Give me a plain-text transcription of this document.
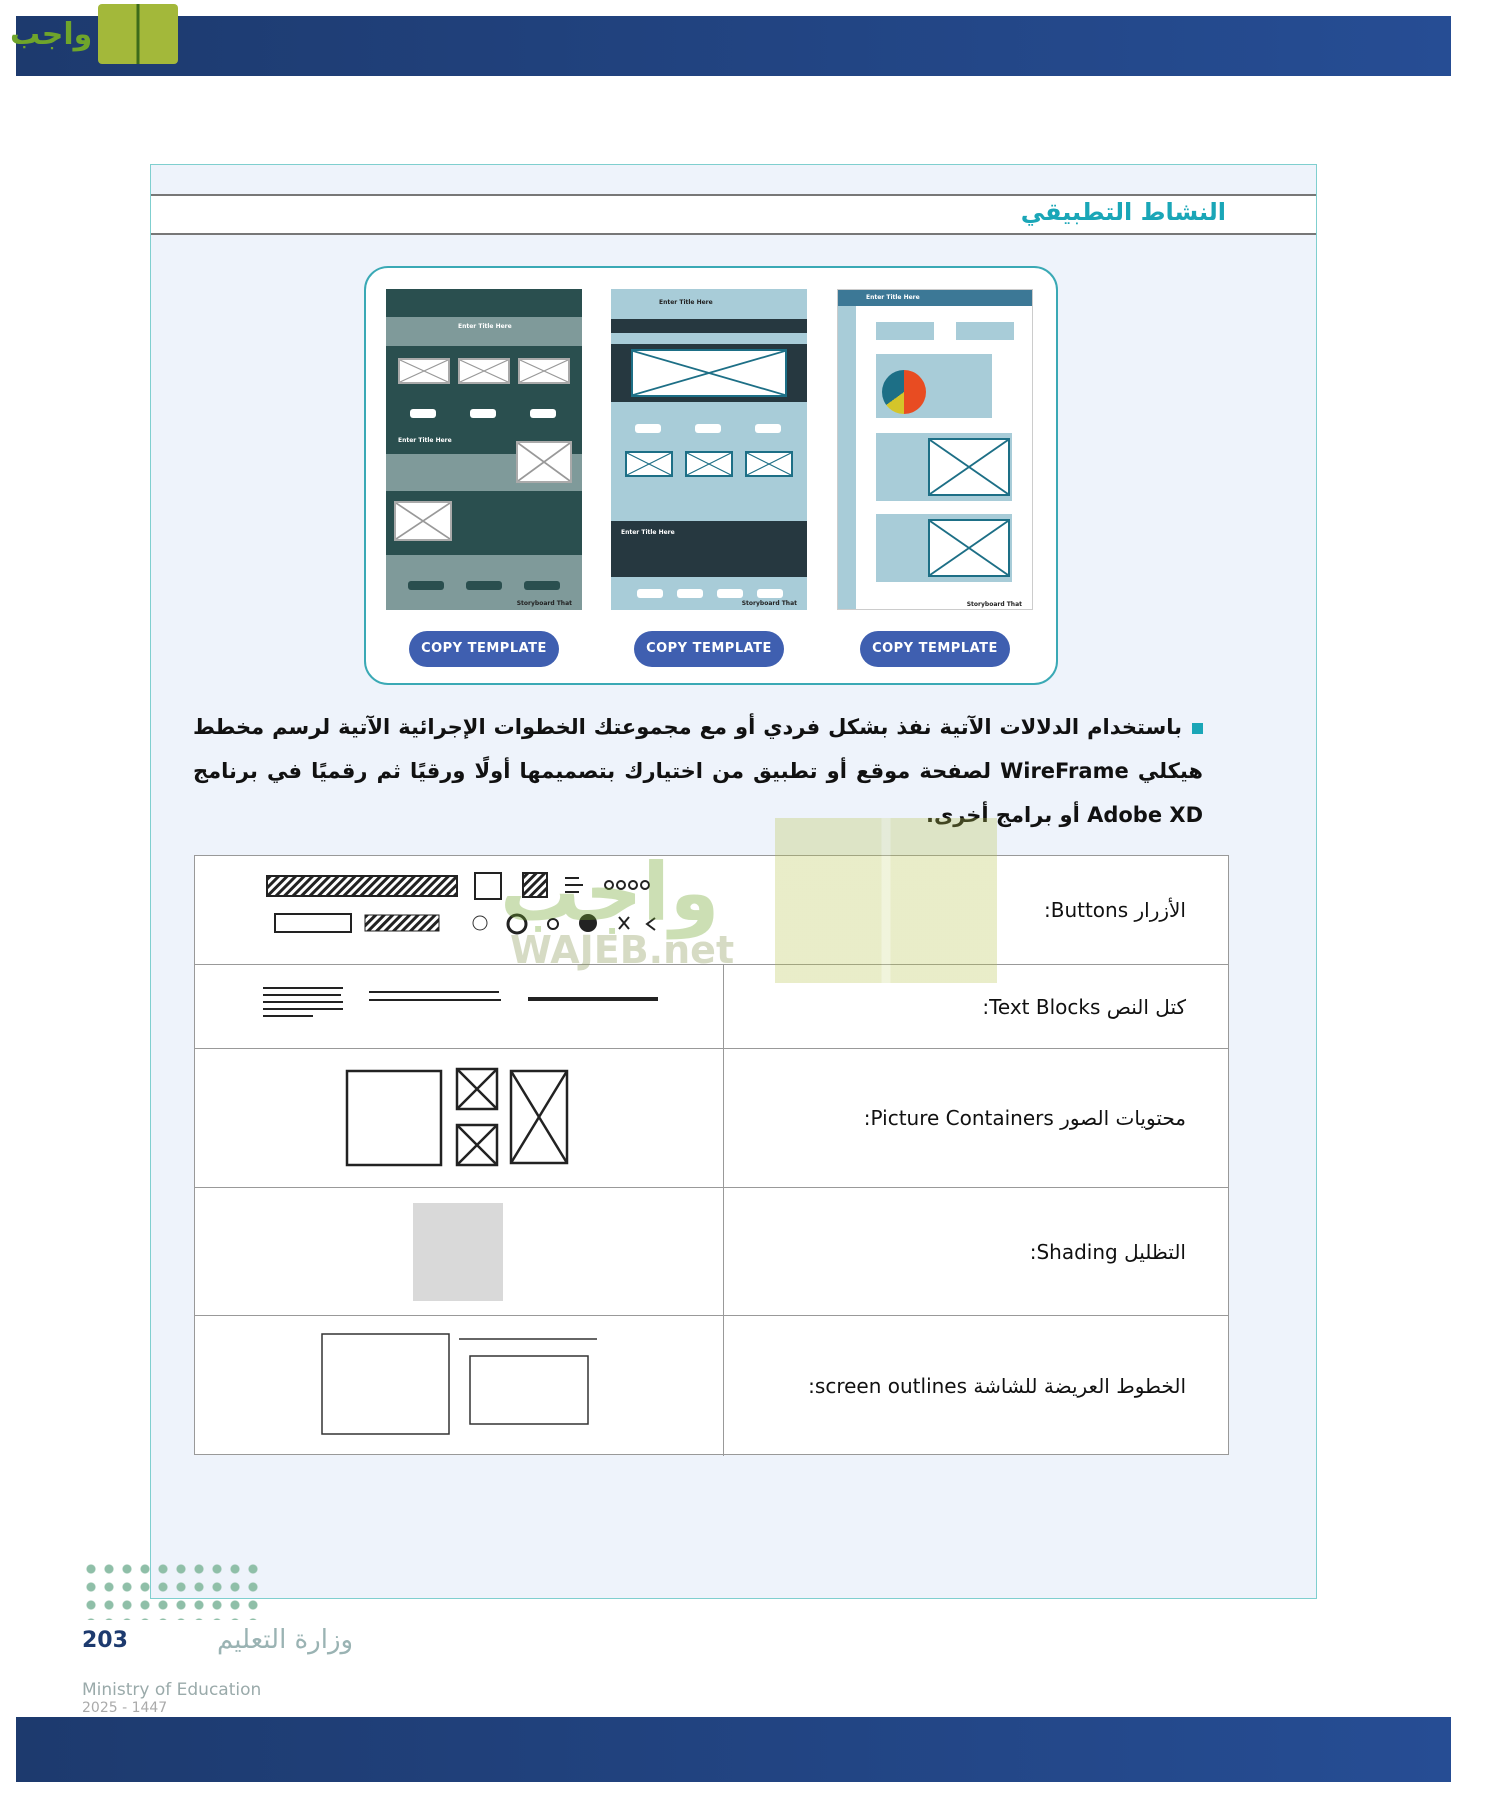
واجب
النشاط التطبيقي
Enter Title Here
Enter Title Here
Storyboard That
COPY TEMPLATE
Enter Title Here
Enter Title Here
Storyboard That
COPY TEMPLATE
Enter Title Here
Storyboard That
COPY TEMPLATE
باستخدام الدلالات الآتية نفذ بشكل فردي أو مع مجموعتك الخطوات الإجرائية الآتية لرسم مخطط هيكلي WireFrame لصفحة موقع أو تطبيق من اختيارك بتصميمها أولًا ورقيًا ثم رقميًا في برنامج Adobe XD أو برامج أخرى.
الأزرار Buttons:
كتل النص Text Blocks:
محتويات الصور Picture Containers:
التظليل Shading:
الخطوط العريضة للشاشة screen outlines:
واجب
WAJEB.net
وزارة التعليم
Ministry of Education
2025 - 1447
203
